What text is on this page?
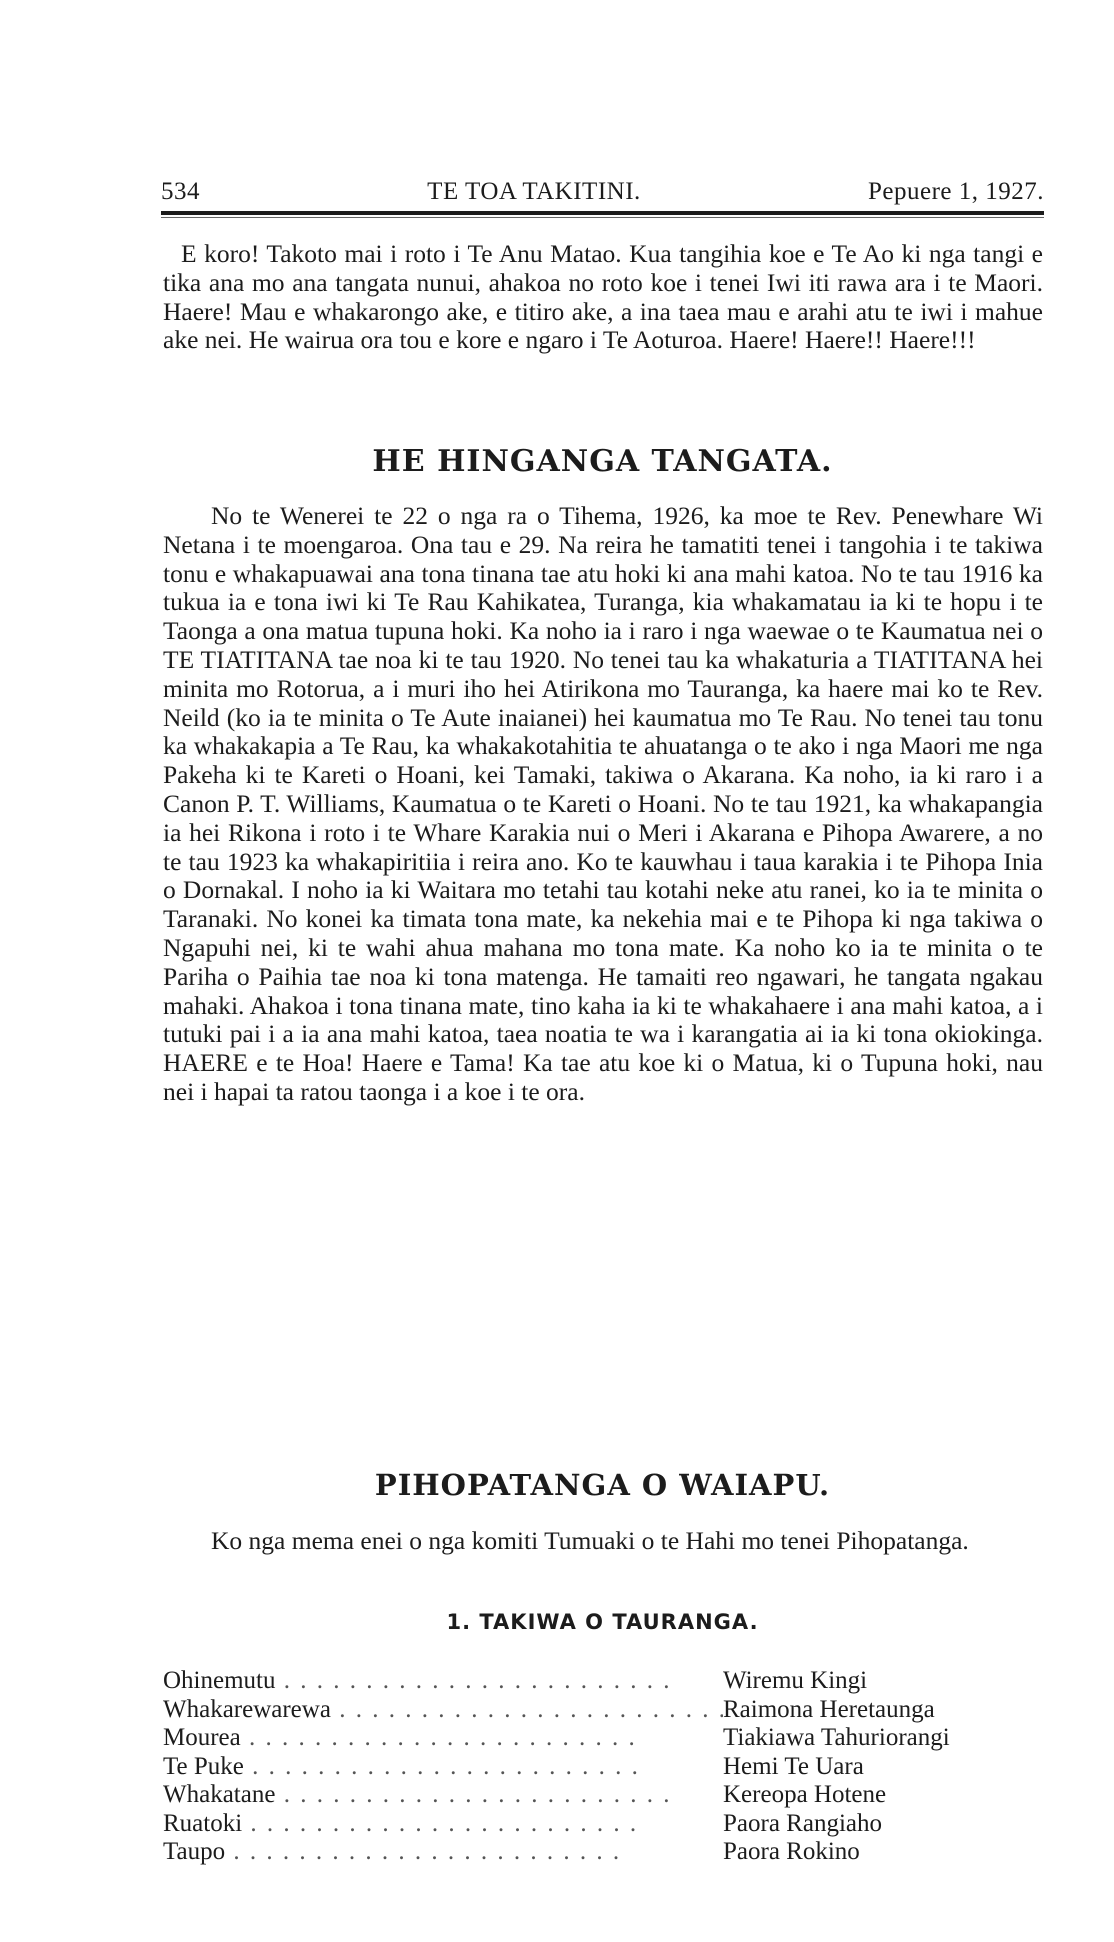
534	TE TOA TAKITINI.	Pepuere 1, 1927.

E koro! Takoto mai i roto i Te Anu Matao. Kua tangihia koe e Te Ao ki nga tangi e tika ana mo ana tangata nunui, ahakoa no roto koe i tenei Iwi iti rawa ara i te Maori. Haere! Mau e whakarongo ake, e titiro ake, a ina taea mau e arahi atu te iwi i mahue ake nei. He wairua ora tou e kore e ngaro i Te Aoturoa. Haere! Haere!! Haere!!!

HE HINGANGA TANGATA.

No te Wenerei te 22 o nga ra o Tihema, 1926, ka moe te Rev. Penewhare Wi Netana i te moengaroa. Ona tau e 29. Na reira he tamatiti tenei i tangohia i te takiwa tonu e whakapuawai ana tona tinana tae atu hoki ki ana mahi katoa. No te tau 1916 ka tukua ia e tona iwi ki Te Rau Kahikatea, Turanga, kia whakamatau ia ki te hopu i te Taonga a ona matua tupuna hoki. Ka noho ia i raro i nga waewae o te Kaumatua nei o TE TIATITANA tae noa ki te tau 1920. No tenei tau ka whakaturia a TIATITANA hei minita mo Rotorua, a i muri iho hei Atirikona mo Tauranga, ka haere mai ko te Rev. Neild (ko ia te minita o Te Aute inaianei) hei kaumatua mo Te Rau. No tenei tau tonu ka whakakapia a Te Rau, ka whakakotahitia te ahuatanga o te ako i nga Maori me nga Pakeha ki te Kareti o Hoani, kei Tamaki, takiwa o Akarana. Ka noho, ia ki raro i a Canon P. T. Williams, Kaumatua o te Kareti o Hoani. No te tau 1921, ka whakapangia ia hei Rikona i roto i te Whare Karakia nui o Meri i Akarana e Pihopa Awarere, a no te tau 1923 ka whakapiritiia i reira ano. Ko te kauwhau i taua karakia i te Pihopa Inia o Dornakal. I noho ia ki Waitara mo tetahi tau kotahi neke atu ranei, ko ia te minita o Taranaki. No konei ka timata tona mate, ka nekehia mai e te Pihopa ki nga takiwa o Ngapuhi nei, ki te wahi ahua mahana mo tona mate. Ka noho ko ia te minita o te Pariha o Paihia tae noa ki tona matenga. He tamaiti reo ngawari, he tangata ngakau mahaki. Ahakoa i tona tinana mate, tino kaha ia ki te whakahaere i ana mahi katoa, a i tutuki pai i a ia ana mahi katoa, taea noatia te wa i karangatia ai ia ki tona okiokinga. HAERE e te Hoa! Haere e Tama! Ka tae atu koe ki o Matua, ki o Tupuna hoki, nau nei i hapai ta ratou taonga i a koe i te ora.

PIHOPATANGA O WAIAPU.

Ko nga mema enei o nga komiti Tumuaki o te Hahi mo tenei Pihopatanga.

1. TAKIWA O TAURANGA.
Ohinemutu . . .	Wiremu Kingi
Whakarewarewa . . .	Raimona Heretaunga
Mourea . . .	Tiakiawa Tahuriorangi
Te Puke . . .	Hemi Te Uara
Whakatane . . .	Kereopa Hotene
Ruatoki . . .	Paora Rangiaho
Taupo . . .	Paora Rokino
